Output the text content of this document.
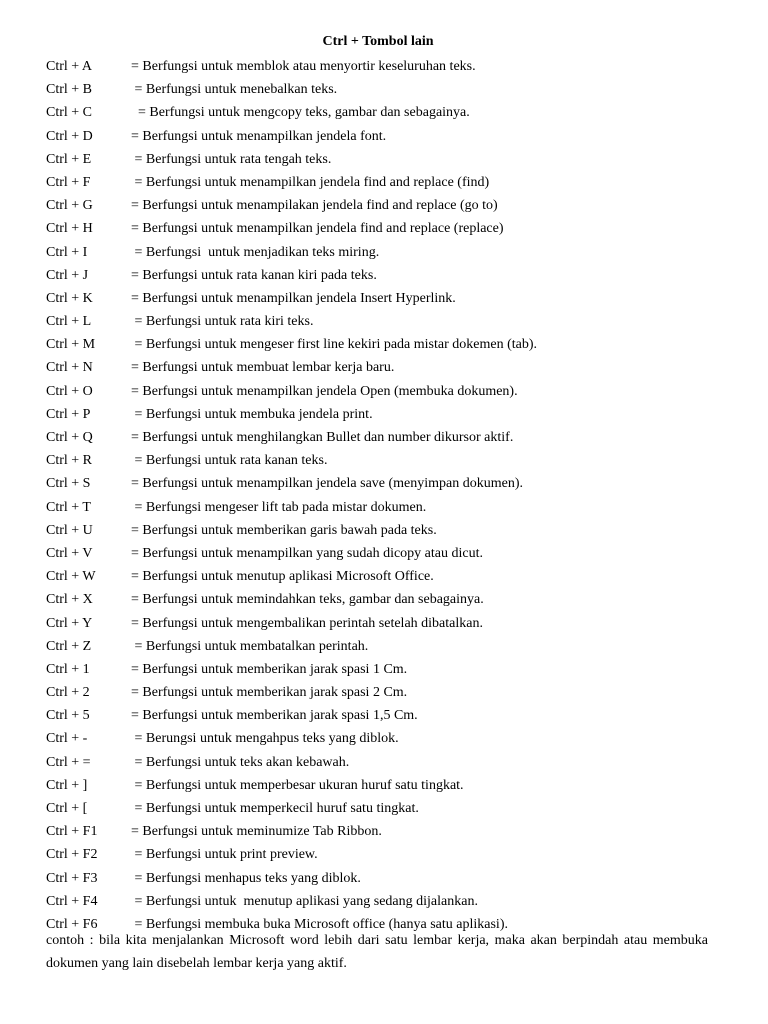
Ctrl + Tombol lain
Ctrl + A	= Berfungsi untuk memblok atau menyortir keseluruhan teks.
Ctrl + B	= Berfungsi untuk menebalkan teks.
Ctrl + C	= Berfungsi untuk mengcopy teks, gambar dan sebagainya.
Ctrl + D	= Berfungsi untuk menampilkan jendela font.
Ctrl + E	= Berfungsi untuk rata tengah teks.
Ctrl + F	= Berfungsi untuk menampilkan jendela find and replace (find)
Ctrl + G	= Berfungsi untuk menampilakan jendela find and replace (go to)
Ctrl + H	= Berfungsi untuk menampilkan jendela find and replace (replace)
Ctrl + I	= Berfungsi  untuk menjadikan teks miring.
Ctrl + J	= Berfungsi untuk rata kanan kiri pada teks.
Ctrl + K	= Berfungsi untuk menampilkan jendela Insert Hyperlink.
Ctrl + L	= Berfungsi untuk rata kiri teks.
Ctrl + M	= Berfungsi untuk mengeser first line kekiri pada mistar dokemen (tab).
Ctrl + N	= Berfungsi untuk membuat lembar kerja baru.
Ctrl + O	= Berfungsi untuk menampilkan jendela Open (membuka dokumen).
Ctrl + P	= Berfungsi untuk membuka jendela print.
Ctrl + Q	= Berfungsi untuk menghilangkan Bullet dan number dikursor aktif.
Ctrl + R	= Berfungsi untuk rata kanan teks.
Ctrl + S	= Berfungsi untuk menampilkan jendela save (menyimpan dokumen).
Ctrl + T	= Berfungsi mengeser lift tab pada mistar dokumen.
Ctrl + U	= Berfungsi untuk memberikan garis bawah pada teks.
Ctrl + V	= Berfungsi untuk menampilkan yang sudah dicopy atau dicut.
Ctrl + W	= Berfungsi untuk menutup aplikasi Microsoft Office.
Ctrl + X	= Berfungsi untuk memindahkan teks, gambar dan sebagainya.
Ctrl + Y	= Berfungsi untuk mengembalikan perintah setelah dibatalkan.
Ctrl + Z	= Berfungsi untuk membatalkan perintah.
Ctrl + 1	= Berfungsi untuk memberikan jarak spasi 1 Cm.
Ctrl + 2	= Berfungsi untuk memberikan jarak spasi 2 Cm.
Ctrl + 5	= Berfungsi untuk memberikan jarak spasi 1,5 Cm.
Ctrl + -	= Berungsi untuk mengahpus teks yang diblok.
Ctrl + =	= Berfungsi untuk teks akan kebawah.
Ctrl + ]	= Berfungsi untuk memperbesar ukuran huruf satu tingkat.
Ctrl + [	= Berfungsi untuk memperkecil huruf satu tingkat.
Ctrl + F1 = Berfungsi untuk meminumize Tab Ribbon.
Ctrl + F2 = Berfungsi untuk print preview.
Ctrl + F3 = Berfungsi menhapus teks yang diblok.
Ctrl + F4 = Berfungsi untuk  menutup aplikasi yang sedang dijalankan.
Ctrl + F6 = Berfungsi membuka buka Microsoft office (hanya satu aplikasi).
contoh : bila kita menjalankan Microsoft word lebih dari satu lembar kerja, maka akan berpindah atau membuka dokumen yang lain disebelah lembar kerja yang aktif.
